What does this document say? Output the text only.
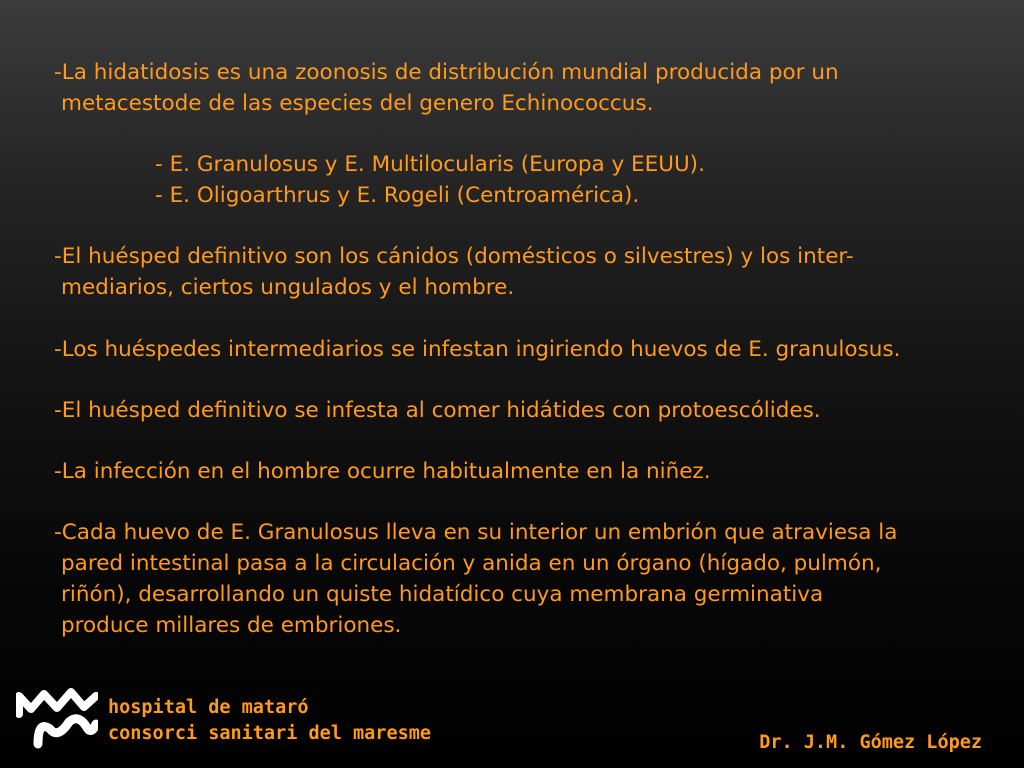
-La hidatidosis es una zoonosis de distribución mundial producida por un

metacestode de las especies del genero Echinococcus.

- E. Granulosus y E. Multilocularis (Europa y EEUU).

- E. Oligoarthrus y E. Rogeli (Centroamérica).

-El huésped definitivo son los cánidos (domésticos o silvestres) y los inter-

mediarios, ciertos ungulados y el hombre.

-Los huéspedes intermediarios se infestan ingiriendo huevos de E. granulosus.

-El huésped definitivo se infesta al comer hidátides con protoescólides.

-La infección en el hombre ocurre habitualmente en la niñez.

-Cada huevo de E. Granulosus lleva en su interior un embrión que atraviesa la

pared intestinal pasa a la circulación y anida en un órgano (hígado, pulmón,

riñón), desarrollando un quiste hidatídico cuya membrana germinativa

produce millares de embriones.

hospital de mataró
consorci sanitari del maresme	Dr. J.M. Gómez López
